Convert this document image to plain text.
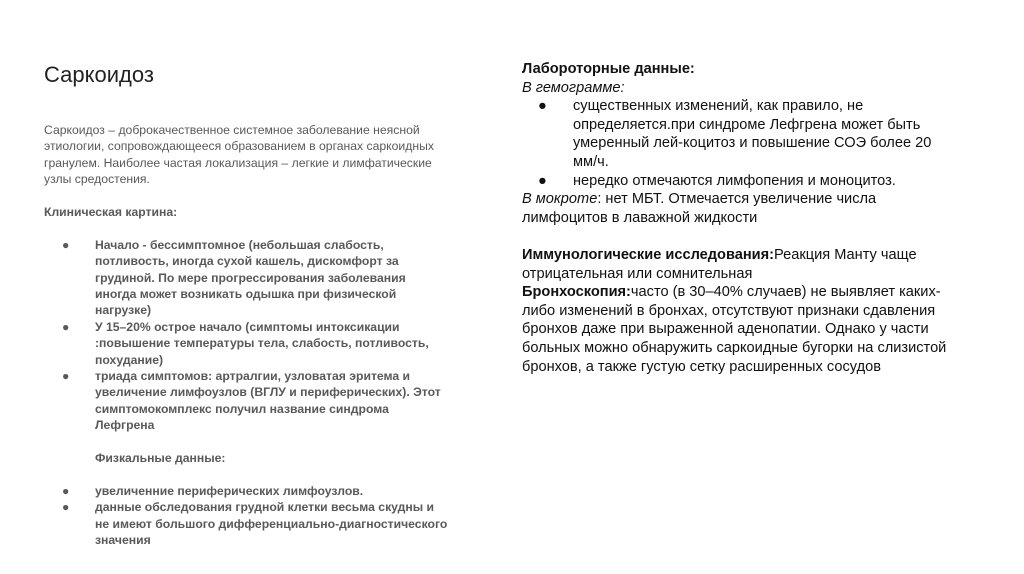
Саркоидоз

Саркоидоз – доброкачественное системное заболевание неясной
этиологии, сопровождающееся образованием в органах саркоидных
гранулем. Наиболее частая локализация – легкие и лимфатические
узлы средостения.

Клиническая картина:

● Начало - бессимптомное (небольшая слабость,
потливость, иногда сухой кашель, дискомфорт за
грудиной. По мере прогрессирования заболевания
иногда может возникать одышка при физической
нагрузке)
● У 15–20% острое начало (симптомы интоксикации
:повышение температуры тела, слабость, потливость,
похудание)
● триада симптомов: артралгии, узловатая эритема и
увеличение лимфоузлов (ВГЛУ и периферических). Этот
симптомокомплекс получил название синдрома
Лефгрена

Физкальные данные:

● увеличенние периферических лимфоузлов.
● данные обследования грудной клетки весьма скудны и
не имеют большого дифференциально-диагностического
значения

Лабороторные данные:

В гемограмме:

● существенных изменений, как правило, не
определяется.при синдроме Лефгрена может быть
умеренный лей-коцитоз и повышение СОЭ более 20
мм/ч.
● нередко отмечаются лимфопения и моноцитоз.

В мокроте: нет МБТ. Отмечается увеличение числа
лимфоцитов в лаважной жидкости

Иммунологические исследования:Реакция Манту чаще
отрицательная или сомнительная

Бронхоскопия:часто (в 30–40% случаев) не выявляет каких-
либо изменений в бронхах, отсутствуют признаки сдавления
бронхов даже при выраженной аденопатии. Однако у части
больных можно обнаружить саркоидные бугорки на слизистой
бронхов, а также густую сетку расширенных сосудов
